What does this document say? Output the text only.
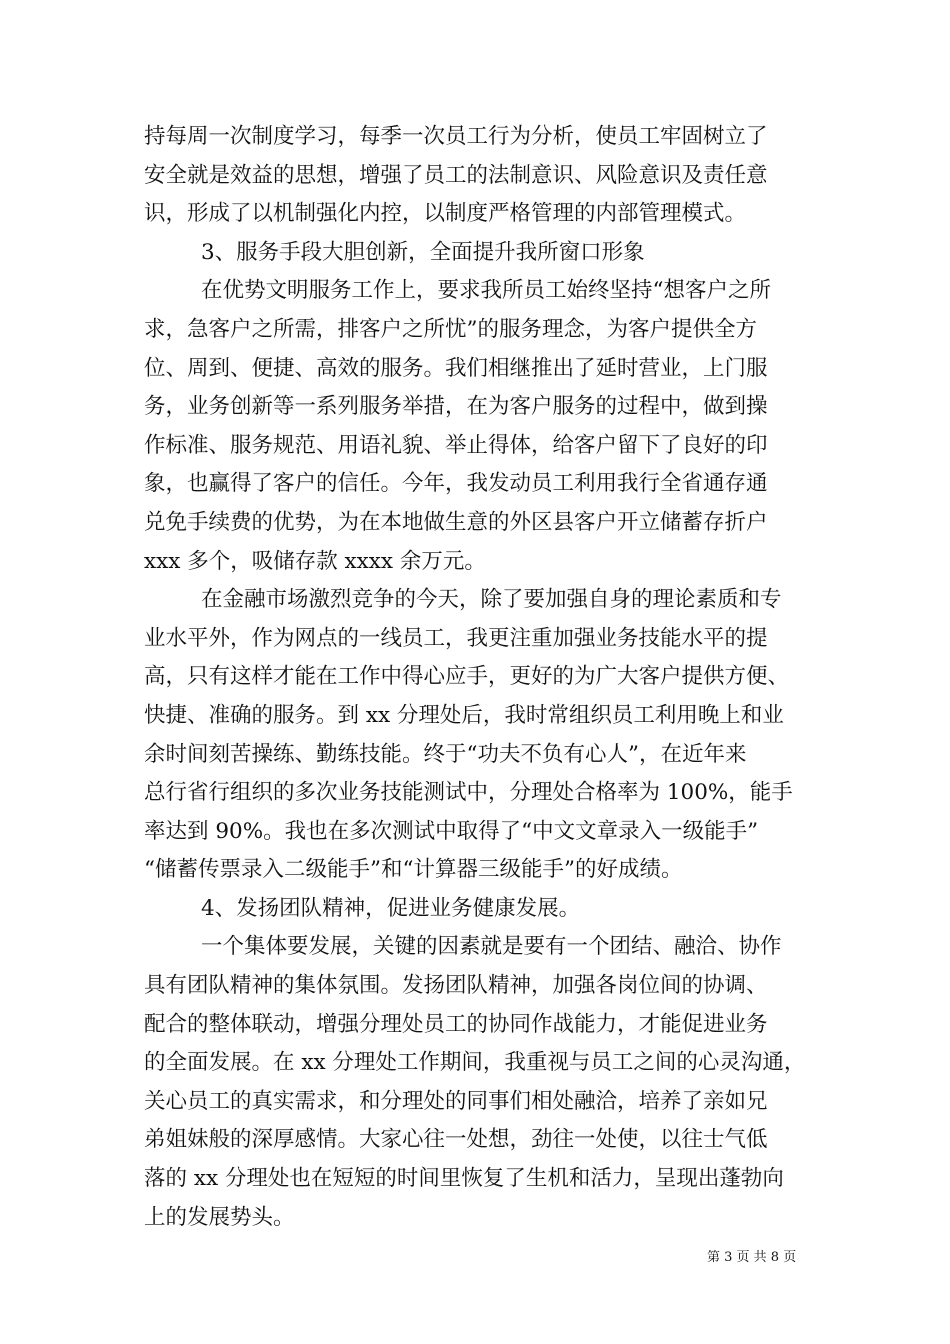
持每周一次制度学习，每季一次员工行为分析，使员工牢固树立了
安全就是效益的思想，增强了员工的法制意识、风险意识及责任意
识，形成了以机制强化内控，以制度严格管理的内部管理模式。
3、服务手段大胆创新，全面提升我所窗口形象
在优势文明服务工作上，要求我所员工始终坚持“想客户之所
求，急客户之所需，排客户之所忧”的服务理念，为客户提供全方
位、周到、便捷、高效的服务。我们相继推出了延时营业，上门服
务，业务创新等一系列服务举措，在为客户服务的过程中，做到操
作标准、服务规范、用语礼貌、举止得体，给客户留下了良好的印
象，也赢得了客户的信任。今年，我发动员工利用我行全省通存通
兑免手续费的优势，为在本地做生意的外区县客户开立储蓄存折户
xxx 多个，吸储存款 xxxx 余万元。
在金融市场激烈竞争的今天，除了要加强自身的理论素质和专
业水平外，作为网点的一线员工，我更注重加强业务技能水平的提
高，只有这样才能在工作中得心应手，更好的为广大客户提供方便、
快捷、准确的服务。到 xx 分理处后，我时常组织员工利用晚上和业
余时间刻苦操练、勤练技能。终于“功夫不负有心人”，在近年来
总行省行组织的多次业务技能测试中，分理处合格率为 100%，能手
率达到 90%。我也在多次测试中取得了“中文文章录入一级能手”
“储蓄传票录入二级能手”和“计算器三级能手”的好成绩。
4、发扬团队精神，促进业务健康发展。
一个集体要发展，关键的因素就是要有一个团结、融洽、协作
具有团队精神的集体氛围。发扬团队精神，加强各岗位间的协调、
配合的整体联动，增强分理处员工的协同作战能力，才能促进业务
的全面发展。在 xx 分理处工作期间，我重视与员工之间的心灵沟通，
关心员工的真实需求，和分理处的同事们相处融洽，培养了亲如兄
弟姐妹般的深厚感情。大家心往一处想，劲往一处使，以往士气低
落的 xx 分理处也在短短的时间里恢复了生机和活力，呈现出蓬勃向
上的发展势头。
第 3 页 共 8 页
